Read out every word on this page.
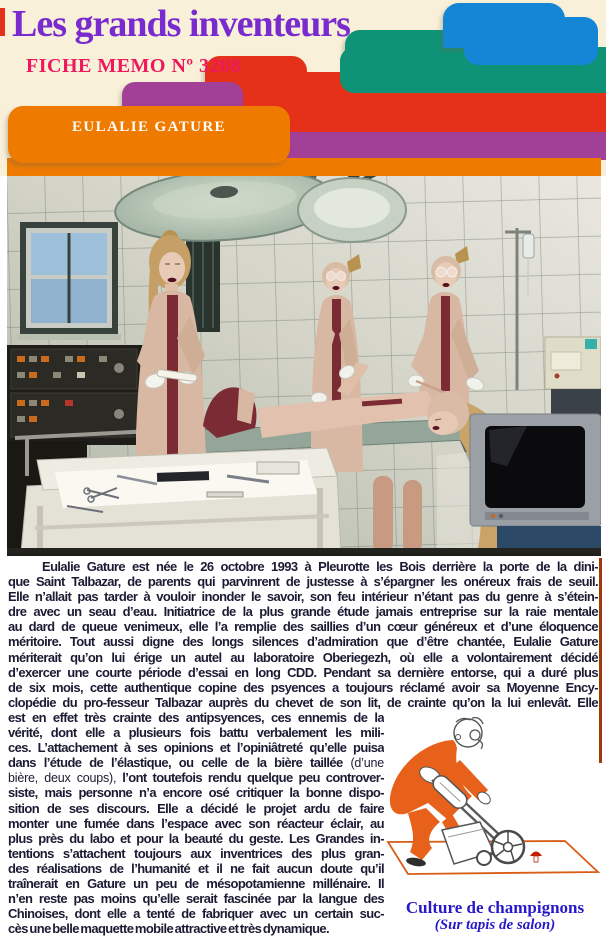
EULALIE GATURE
Les grands inventeurs
FICHE MEMO Nº 3208
Eulalie Gature est née le 26 octobre 1993 à Pleurotte les Bois derrière la porte de la dini-
que Saint Talbazar, de parents qui parvinrent de justesse à s’épargner les onéreux frais de seuil.
Elle n’allait pas tarder à vouloir inonder le savoir, son feu intérieur n’étant pas du genre à s’étein-
dre avec un seau d’eau. Initiatrice de la plus grande étude jamais entreprise sur la raie mentale
au dard de queue venimeux, elle l’a remplie des saillies d’un cœur généreux et d’une éloquence
méritoire. Tout aussi digne des longs silences d’admiration que d’être chantée, Eulalie Gature
mériterait qu’on lui érige un autel au laboratoire Oberiegezh, où elle a volontairement décidé
d’exercer une courte période d’essai en long CDD. Pendant sa dernière entorse, qui a duré plus
de six mois, cette authentique copine des psyences a toujours réclamé avoir sa Moyenne Ency-
clopédie du pro-fesseur Talbazar auprès du chevet de son lit, de crainte qu’on la lui enlevât. Elle
est en effet très crainte des antipsyences, ces ennemis de la
vérité, dont elle a plusieurs fois battu verbalement les mili-
ces. L’attachement à ses opinions et l’opiniâtreté qu’elle puisa
dans l’étude de l’élastique, ou celle de la bière taillée (d’une
bière, deux coups), l’ont toutefois rendu quelque peu controver-
siste, mais personne n’a encore osé critiquer la bonne dispo-
sition de ses discours. Elle a décidé le projet ardu de faire
monter une fumée dans l’espace avec son réacteur éclair, au
plus près du labo et pour la beauté du geste. Les Grandes in-
tentions s’attachent toujours aux inventrices des plus gran-
des réalisations de l’humanité et il ne fait aucun doute qu’il
traînerait en Gature un peu de mésopotamienne millénaire. Il
n’en reste pas moins qu’elle serait fascinée par la langue des
Chinoises, dont elle a tenté de fabriquer avec un certain suc-
cès une belle maquette mobile attractive et très dynamique.
Culture de champignons
(Sur tapis de salon)
